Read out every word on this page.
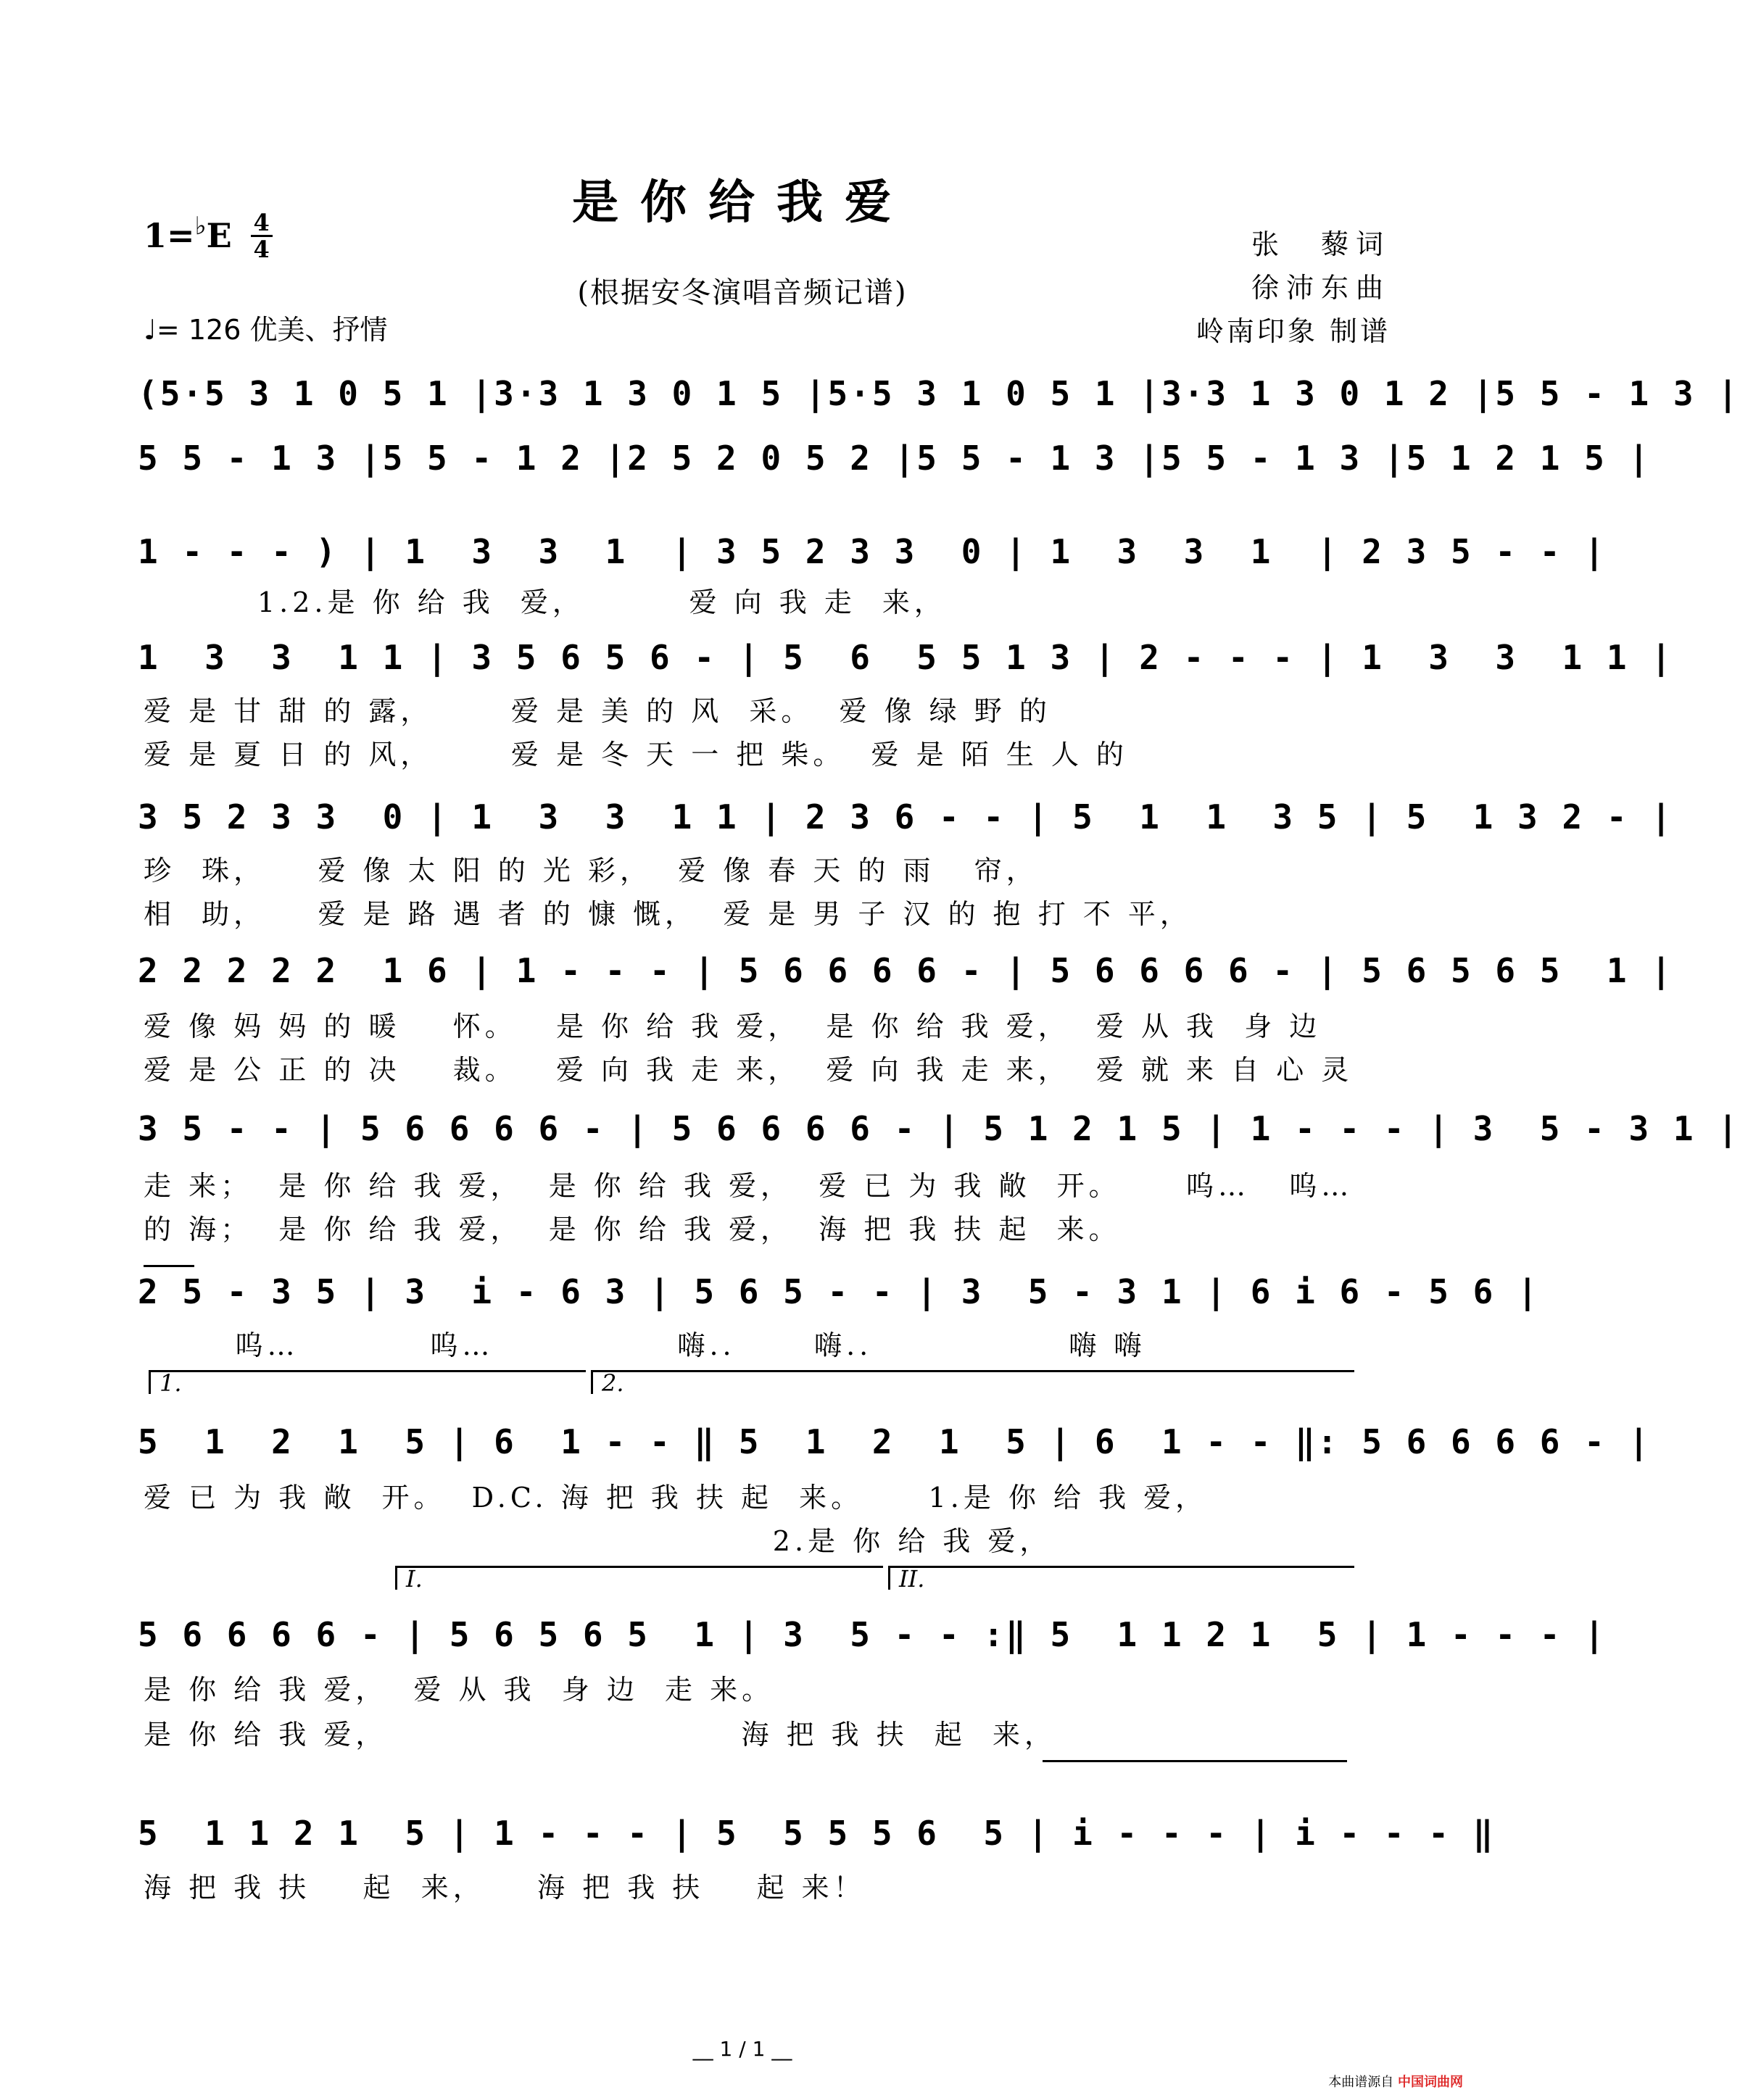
是你给我爱
$1=^♭E \frac{4}{4}$
(根据安冬演唱音频记谱)
♩= 126 优美、抒情
张　藜词
徐沛东曲
岭南印象 制谱
(5·5 3 1 0 5 1 |3·3 1 3 0 1 5 |5·5 3 1 0 5 1 |3·3 1 3 0 1 2 |5 5 - 1 3 |
5 5 - 1 3 |5 5 - 1 2 |2 5 2 0 5 2 |5 5 - 1 3 |5 5 - 1 3 |5 1 2 1 5 |
1 - - - ) | 1  3  3  1  | 3 5 2 3 3  0 | 1  3  3  1  | 2 3 5 - - |
1.2.是 你 给 我  爱，        爱 向 我 走  来，
1  3  3  1 1 | 3 5 6 5 6 - | 5  6  5 5 1 3 | 2 - - - | 1  3  3  1 1 |
爱 是 甘 甜 的 露，      爱 是 美 的 风  采。  爱 像 绿 野 的
爱 是 夏 日 的 风，      爱 是 冬 天 一 把 柴。  爱 是 陌 生 人 的
3 5 2 3 3  0 | 1  3  3  1 1 | 2 3 6 - - | 5  1  1  3 5 | 5  1 3 2 - |
珍  珠，    爱 像 太 阳 的 光 彩，  爱 像 春 天 的 雨   帘，
相  助，    爱 是 路 遇 者 的 慷 慨，  爱 是 男 子 汉 的 抱 打 不 平，
2 2 2 2 2  1 6 | 1 - - - | 5 6 6 6 6 - | 5 6 6 6 6 - | 5 6 5 6 5  1 |
爱 像 妈 妈 的 暖    怀。   是 你 给 我 爱，  是 你 给 我 爱，  爱 从 我  身 边
爱 是 公 正 的 决    裁。   爱 向 我 走 来，  爱 向 我 走 来，  爱 就 来 自 心 灵
3 5 - - | 5 6 6 6 6 - | 5 6 6 6 6 - | 5 1 2 1 5 | 1 - - - | 3  5 - 3 1 |
走 来；  是 你 给 我 爱，  是 你 给 我 爱，  爱 已 为 我 敞  开。     呜…   呜…
的 海；  是 你 给 我 爱，  是 你 给 我 爱，  海 把 我 扶 起  来。
2 5 - 3 5 | 3  i - 6 3 | 5 6 5 - - | 3  5 - 3 1 | 6 i 6 - 5 6 |
呜…          呜…              嗨..      嗨..               嗨 嗨
1.	2.
5  1  2  1  5 | 6  1 - - ‖ 5  1  2  1  5 | 6  1 - - ‖: 5 6 6 6 6 - |
爱 已 为 我 敞  开。  D.C. 海 把 我 扶 起  来。     1.是 你 给 我 爱，
2.是 你 给 我 爱，
I.	II.
5 6 6 6 6 - | 5 6 5 6 5  1 | 3  5 - - :‖ 5  1 1 2 1  5 | 1 - - - |
是 你 给 我 爱，  爱 从 我  身 边  走 来。
是 你 给 我 爱，                           海 把 我 扶  起  来，
5  1 1 2 1  5 | 1 - - - | 5  5 5 5 6  5 | i - - - | i - - - ‖
海 把 我 扶    起  来，    海 把 我 扶    起 来！
__ 1 / 1 __
本曲谱源自 中国词曲网
